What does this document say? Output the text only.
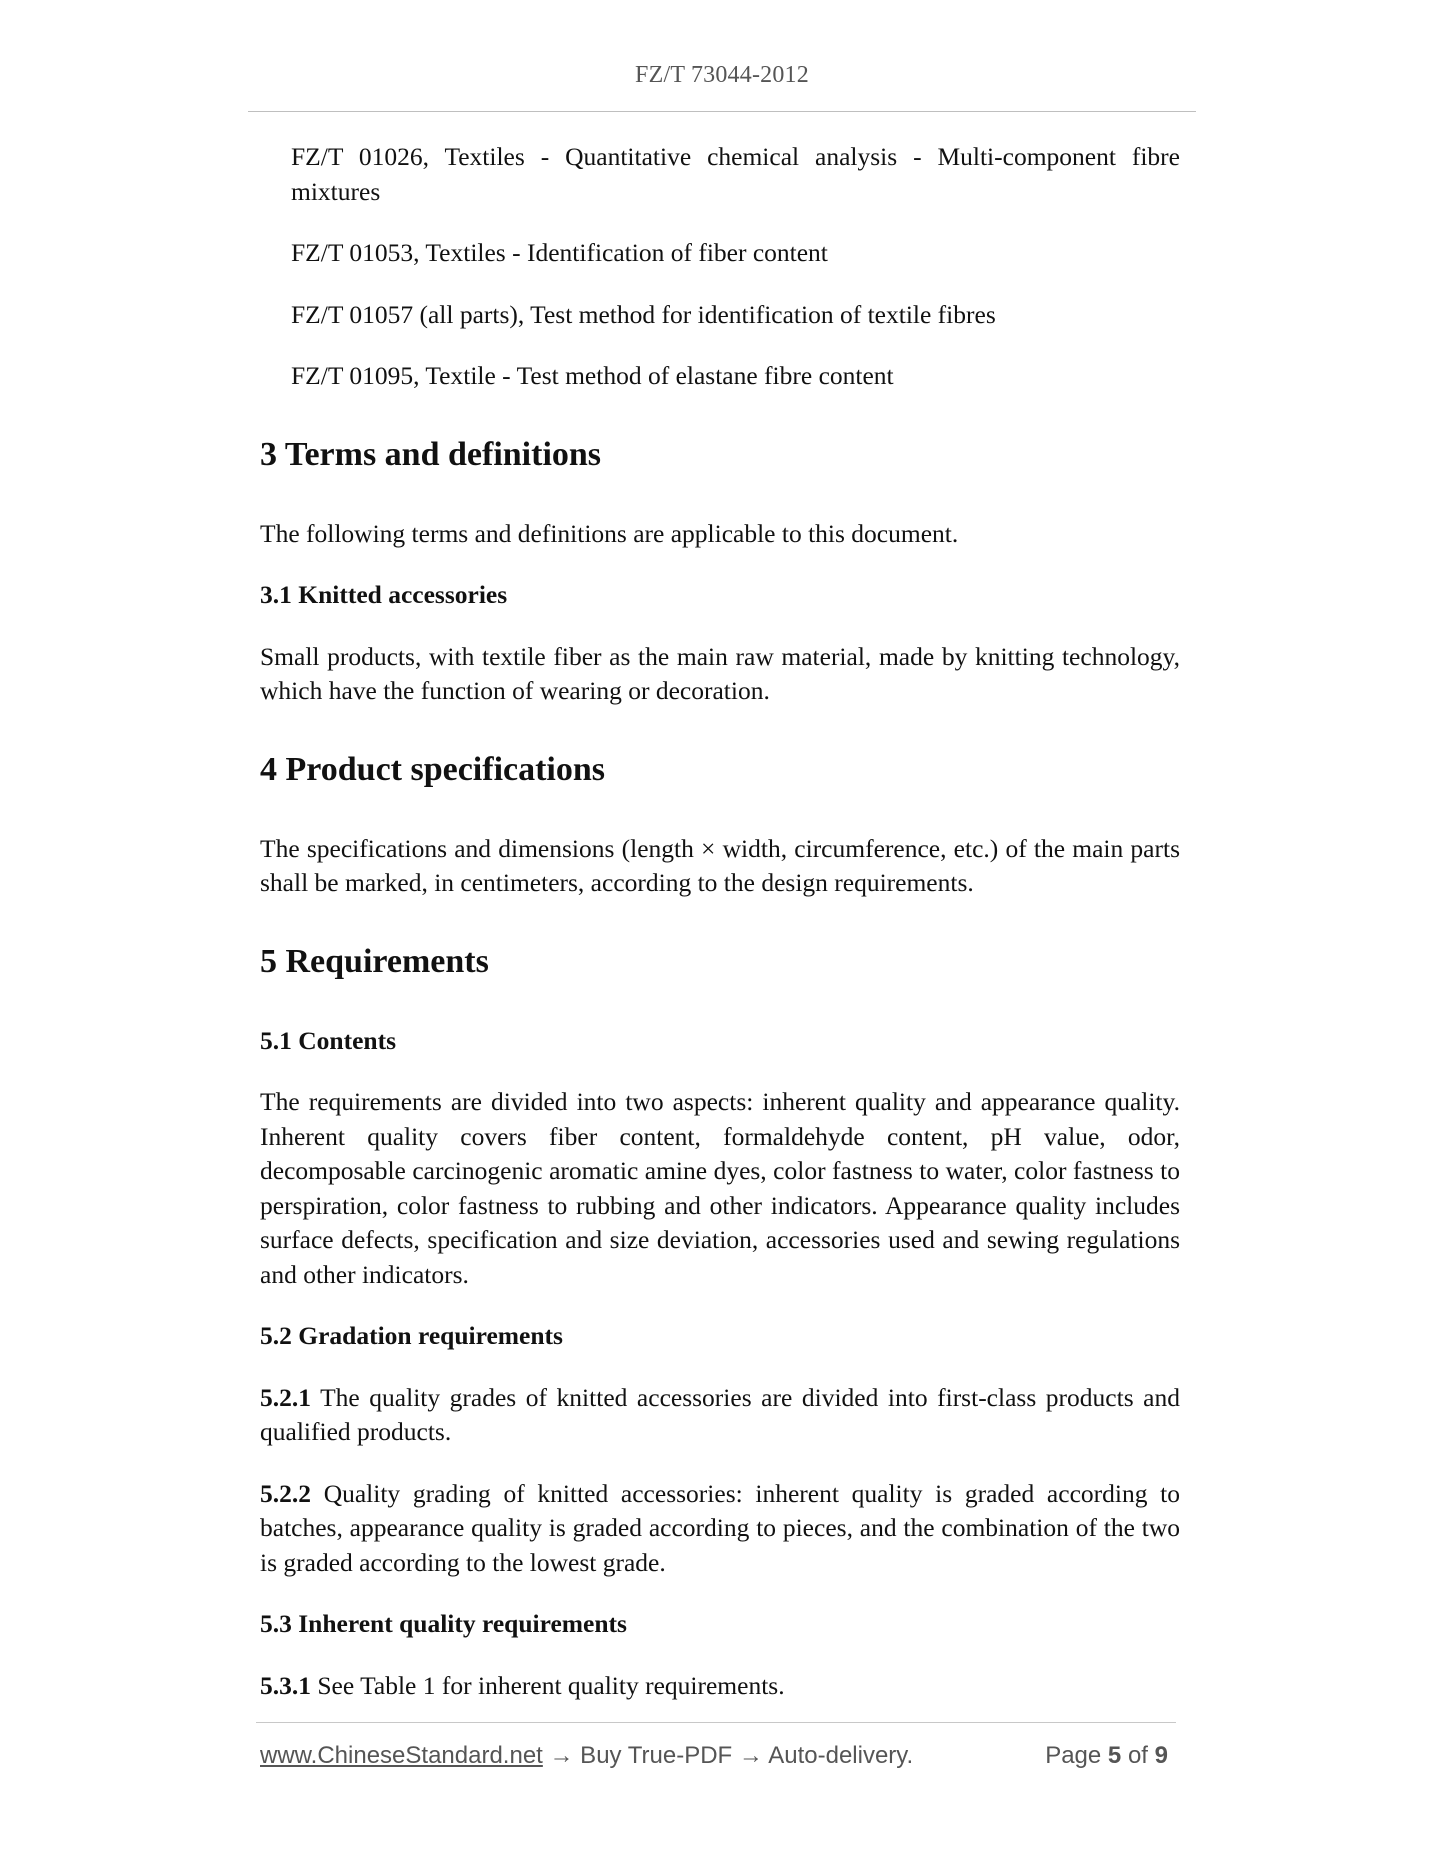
FZ/T 73044-2012

FZ/T 01026, Textiles - Quantitative chemical analysis - Multi-component fibre mixtures

FZ/T 01053, Textiles - Identification of fiber content

FZ/T 01057 (all parts), Test method for identification of textile fibres

FZ/T 01095, Textile - Test method of elastane fibre content

3 Terms and definitions

The following terms and definitions are applicable to this document.

3.1 Knitted accessories

Small products, with textile fiber as the main raw material, made by knitting technology, which have the function of wearing or decoration.

4 Product specifications

The specifications and dimensions (length × width, circumference, etc.) of the main parts shall be marked, in centimeters, according to the design requirements.

5 Requirements
5.1 Contents

The requirements are divided into two aspects: inherent quality and appearance quality. Inherent quality covers fiber content, formaldehyde content, pH value, odor, decomposable carcinogenic aromatic amine dyes, color fastness to water, color fastness to perspiration, color fastness to rubbing and other indicators. Appearance quality includes surface defects, specification and size deviation, accessories used and sewing regulations and other indicators.

5.2 Gradation requirements

5.2.1 The quality grades of knitted accessories are divided into first-class products and qualified products.

5.2.2 Quality grading of knitted accessories: inherent quality is graded according to batches, appearance quality is graded according to pieces, and the combination of the two is graded according to the lowest grade.

5.3 Inherent quality requirements

5.3.1 See Table 1 for inherent quality requirements.

www.ChineseStandard.net → Buy True-PDF → Auto-delivery.	Page 5 of 9
